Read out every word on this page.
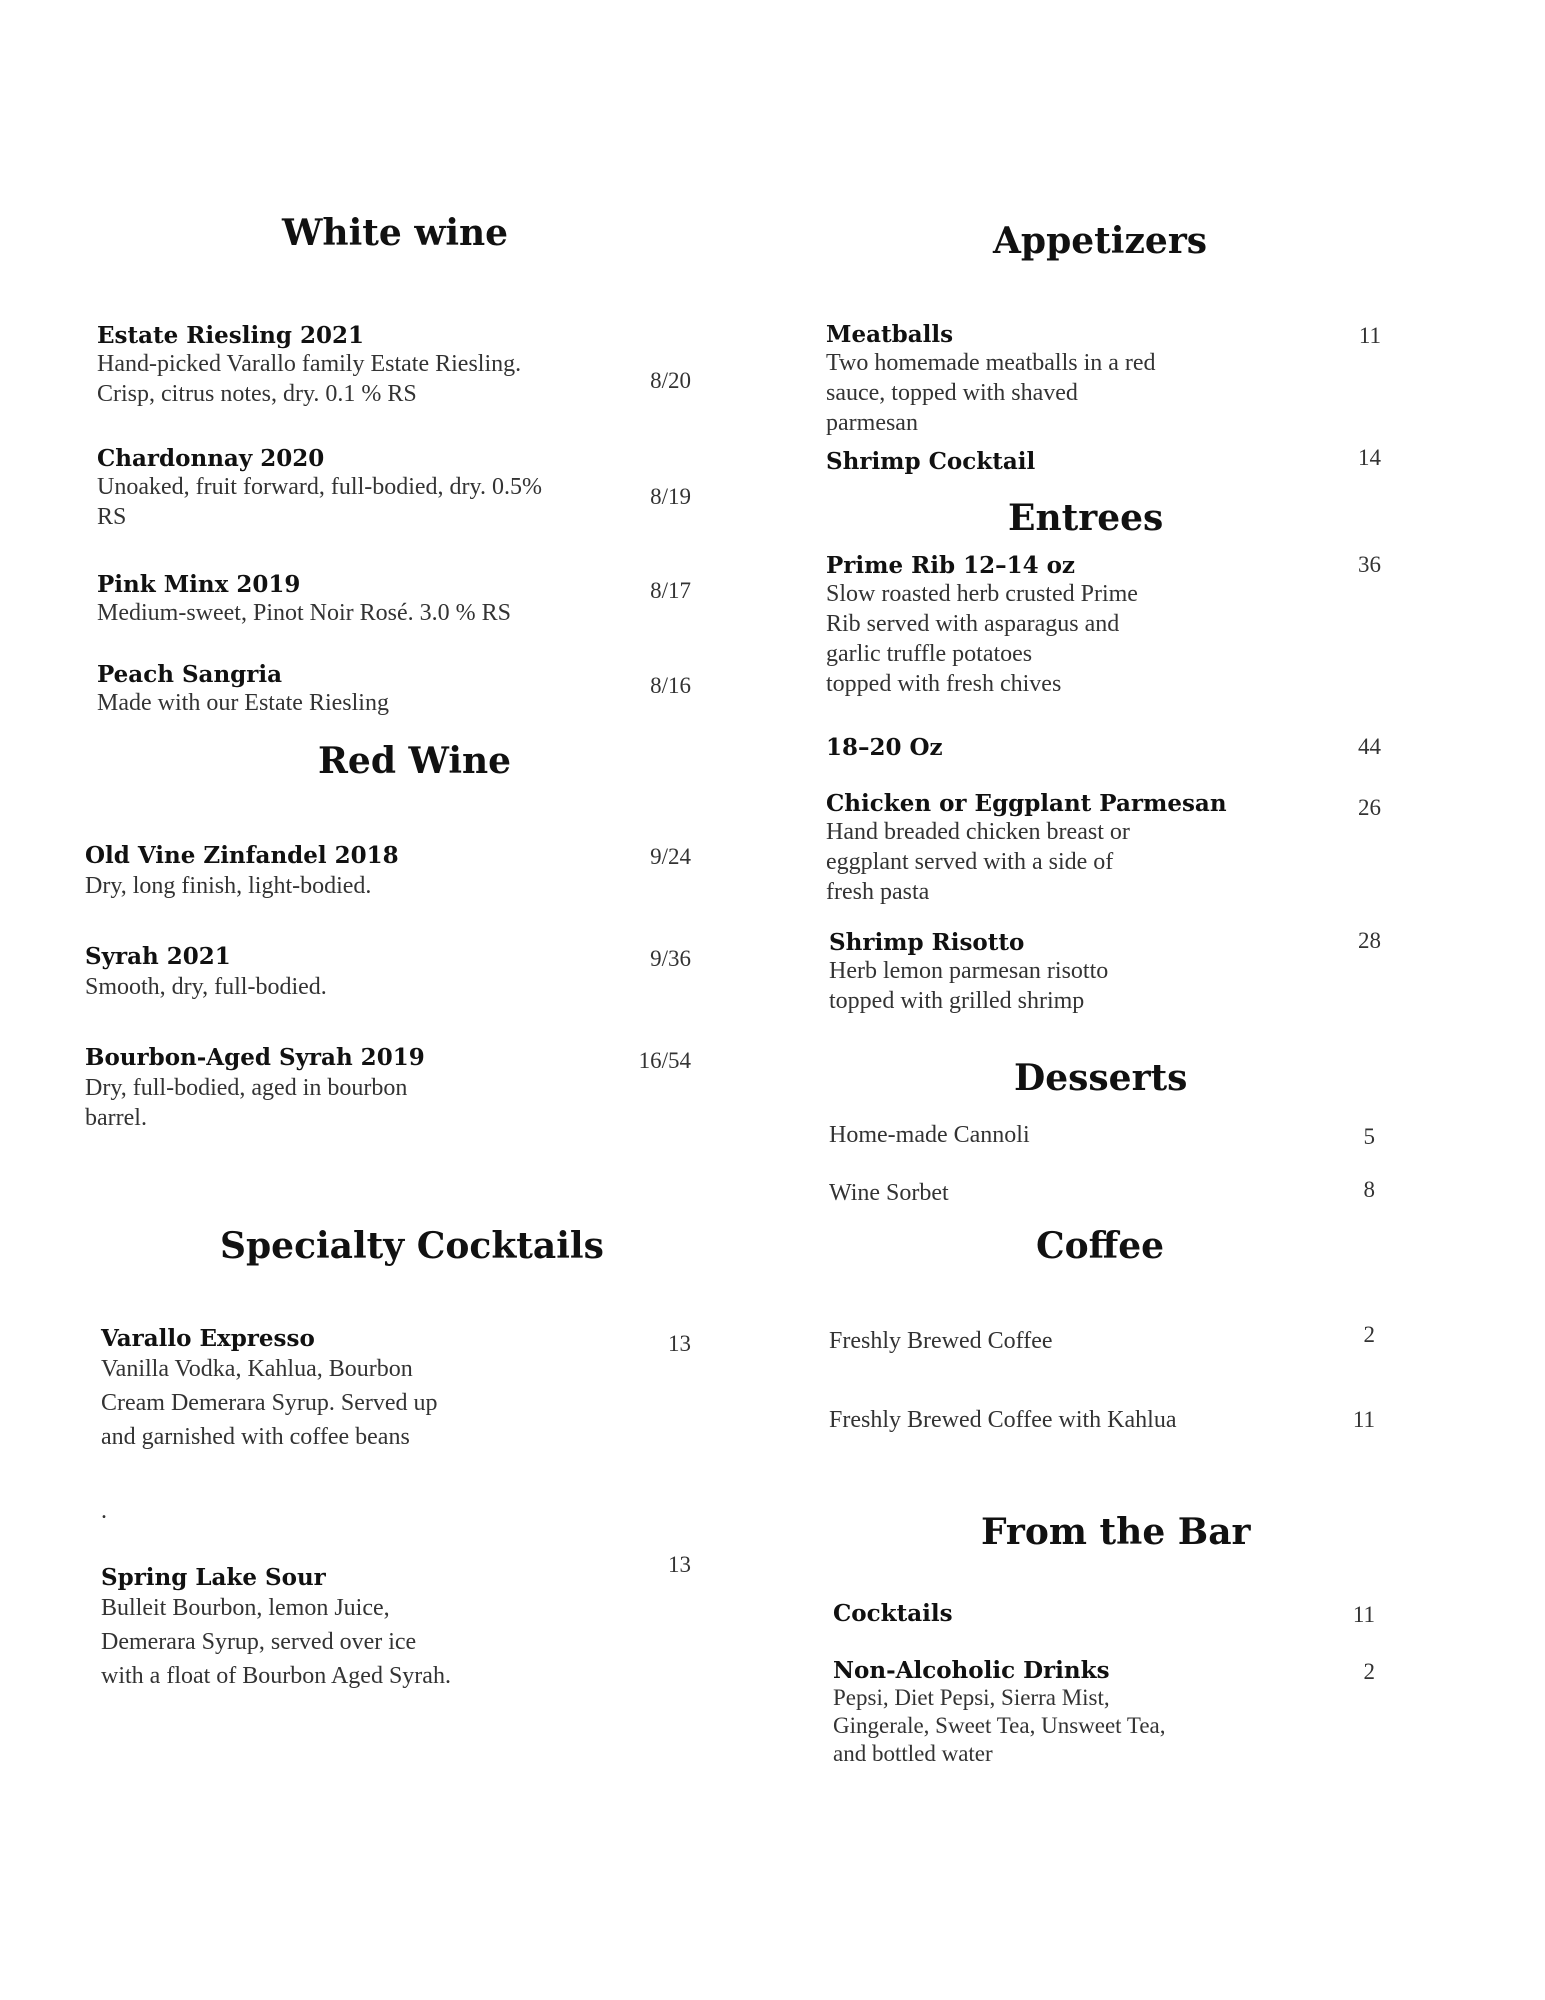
White wine
Estate Riesling 2021
Hand-picked Varallo family Estate Riesling.
Crisp, citrus notes, dry. 0.1 % RS
8/20
Chardonnay 2020
Unoaked, fruit forward, full-bodied, dry. 0.5%
RS
8/19
Pink Minx 2019
Medium-sweet, Pinot Noir Rosé. 3.0 % RS
8/17
Peach Sangria
Made with our Estate Riesling
8/16
Red Wine
Old Vine Zinfandel 2018
Dry, long finish, light-bodied.
9/24
Syrah 2021
Smooth, dry, full-bodied.
9/36
Bourbon-Aged Syrah 2019
Dry, full-bodied, aged in bourbon
barrel.
16/54
Specialty Cocktails
Varallo Expresso
Vanilla Vodka, Kahlua, Bourbon
Cream Demerara Syrup. Served up
and garnished with coffee beans
13
.
Spring Lake Sour
Bulleit Bourbon, lemon Juice,
Demerara Syrup, served over ice
with a float of Bourbon Aged Syrah.
13
Appetizers
Meatballs
Two homemade meatballs in a red
sauce, topped with shaved
parmesan
11
Shrimp Cocktail	14
Entrees
Prime Rib 12–14 oz
Slow roasted herb crusted Prime
Rib served with asparagus and
garlic truffle potatoes
topped with fresh chives
36
18–20 Oz	44
Chicken or Eggplant Parmesan
Hand breaded chicken breast or
eggplant served with a side of
fresh pasta
26
Shrimp Risotto
Herb lemon parmesan risotto
topped with grilled shrimp
28
Desserts
Home-made Cannoli	5
Wine Sorbet	8
Coffee
Freshly Brewed Coffee	2
Freshly Brewed Coffee with Kahlua	11
From the Bar
Cocktails	11
Non-Alcoholic Drinks
Pepsi, Diet Pepsi, Sierra Mist,
Gingerale, Sweet Tea, Unsweet Tea,
and bottled water
2
